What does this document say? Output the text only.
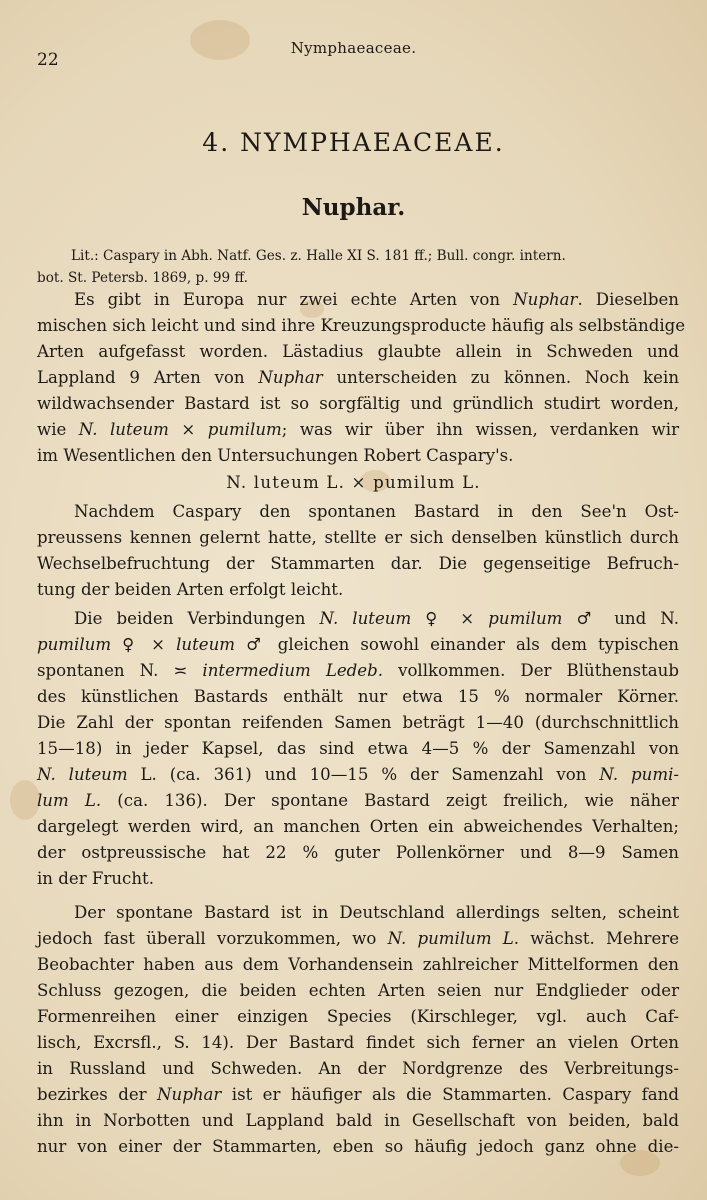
22
Nymphaeaceae.
4. NYMPHAEACEAE.
Nuphar.
Lit.: Caspary in Abh. Natf. Ges. z. Halle XI S. 181 ff.; Bull. congr. intern.
bot. St. Petersb. 1869, p. 99 ff.
Es gibt in Europa nur zwei echte Arten von Nuphar. Dieselben
mischen sich leicht und sind ihre Kreuzungsproducte häufig als selbständige
Arten aufgefasst worden. Lästadius glaubte allein in Schweden und
Lappland 9 Arten von Nuphar unterscheiden zu können. Noch kein
wildwachsender Bastard ist so sorgfältig und gründlich studirt worden,
wie N. luteum × pumilum; was wir über ihn wissen, verdanken wir
im Wesentlichen den Untersuchungen Robert Caspary's.
N. luteum L. × pumilum L.
Nachdem Caspary den spontanen Bastard in den See'n Ost-
preussens kennen gelernt hatte, stellte er sich denselben künstlich durch
Wechselbefruchtung der Stammarten dar. Die gegenseitige Befruch-
tung der beiden Arten erfolgt leicht.
Die beiden Verbindungen N. luteum ♀ × pumilum ♂ und N.
pumilum ♀ × luteum ♂ gleichen sowohl einander als dem typischen
spontanen N. ≍ intermedium Ledeb. vollkommen. Der Blüthenstaub
des künstlichen Bastards enthält nur etwa 15 % normaler Körner.
Die Zahl der spontan reifenden Samen beträgt 1—40 (durchschnittlich
15—18) in jeder Kapsel, das sind etwa 4—5 % der Samenzahl von
N. luteum L. (ca. 361) und 10—15 % der Samenzahl von N. pumi-
lum L. (ca. 136). Der spontane Bastard zeigt freilich, wie näher
dargelegt werden wird, an manchen Orten ein abweichendes Verhalten;
der ostpreussische hat 22 % guter Pollenkörner und 8—9 Samen
in der Frucht.
Der spontane Bastard ist in Deutschland allerdings selten, scheint
jedoch fast überall vorzukommen, wo N. pumilum L. wächst. Mehrere
Beobachter haben aus dem Vorhandensein zahlreicher Mittelformen den
Schluss gezogen, die beiden echten Arten seien nur Endglieder oder
Formenreihen einer einzigen Species (Kirschleger, vgl. auch Caf-
lisch, Excrsfl., S. 14). Der Bastard findet sich ferner an vielen Orten
in Russland und Schweden. An der Nordgrenze des Verbreitungs-
bezirkes der Nuphar ist er häufiger als die Stammarten. Caspary fand
ihn in Norbotten und Lappland bald in Gesellschaft von beiden, bald
nur von einer der Stammarten, eben so häufig jedoch ganz ohne die-
